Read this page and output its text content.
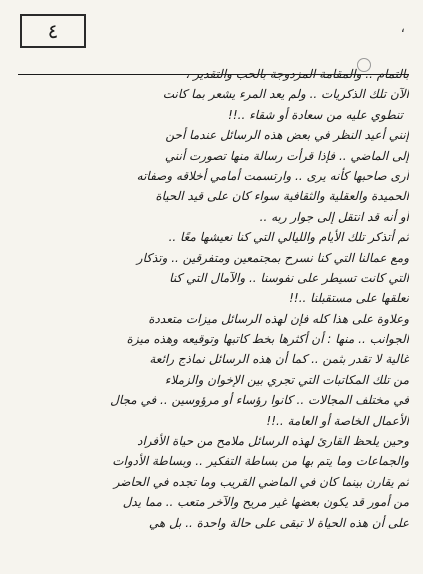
٤	،
بالتمام .. والمقامة المزدوجة بالحب والتقدير ،
الآن تلك الذكريات .. ولم يعد المرء يشعر بما كانت
تنطوي عليه من سعادة أو شقاء ..!!
إنني أعيد النظر في بعض هذه الرسائل عندما أحن
إلى الماضي .. فإذا قرأت رسالة منها تصورت أنني
أرى صاحبها كأنه يرى .. وارتسمت أمامي أخلاقه وصفاته
الحميدة والعقلية والثقافية سواء كان على قيد الحياة
أو أنه قد انتقل إلى جوار ربه ..
ثم أتذكر تلك الأيام والليالي التي كنا نعيشها معًا ..
ومع عمالنا التي كنا نسرح بمجتمعين ومتفرقين .. وتذكار
التي كانت تسيطر على نفوسنا .. والآمال التي كنا
نعلقها على مستقبلنا ..!!
وعلاوة على هذا كله فإن لهذه الرسائل ميزات متعددة
الجوانب .. منها : أن أكثرها بخط كاتبها وتوقيعه وهذه ميزة
غالية لا تقدر بثمن .. كما أن هذه الرسائل نماذج رائعة
من تلك المكاتبات التي تجري بين الإخوان والزملاء
في مختلف المجالات .. كانوا رؤساء أو مرؤوسين .. في مجال
الأعمال الخاصة أو العامة ..!!
وحين يلحظ القارئ لهذه الرسائل ملامح من حياة الأفراد
والجماعات وما يتم بها من بساطة التفكير .. وبساطة الأدوات
ثم يقارن بينما كان في الماضي القريب وما تجده في الحاضر
من أمور قد يكون بعضها غير مريح والآخر متعب .. مما يدل
على أن هذه الحياة لا تبقى على حالة واحدة .. بل هي
